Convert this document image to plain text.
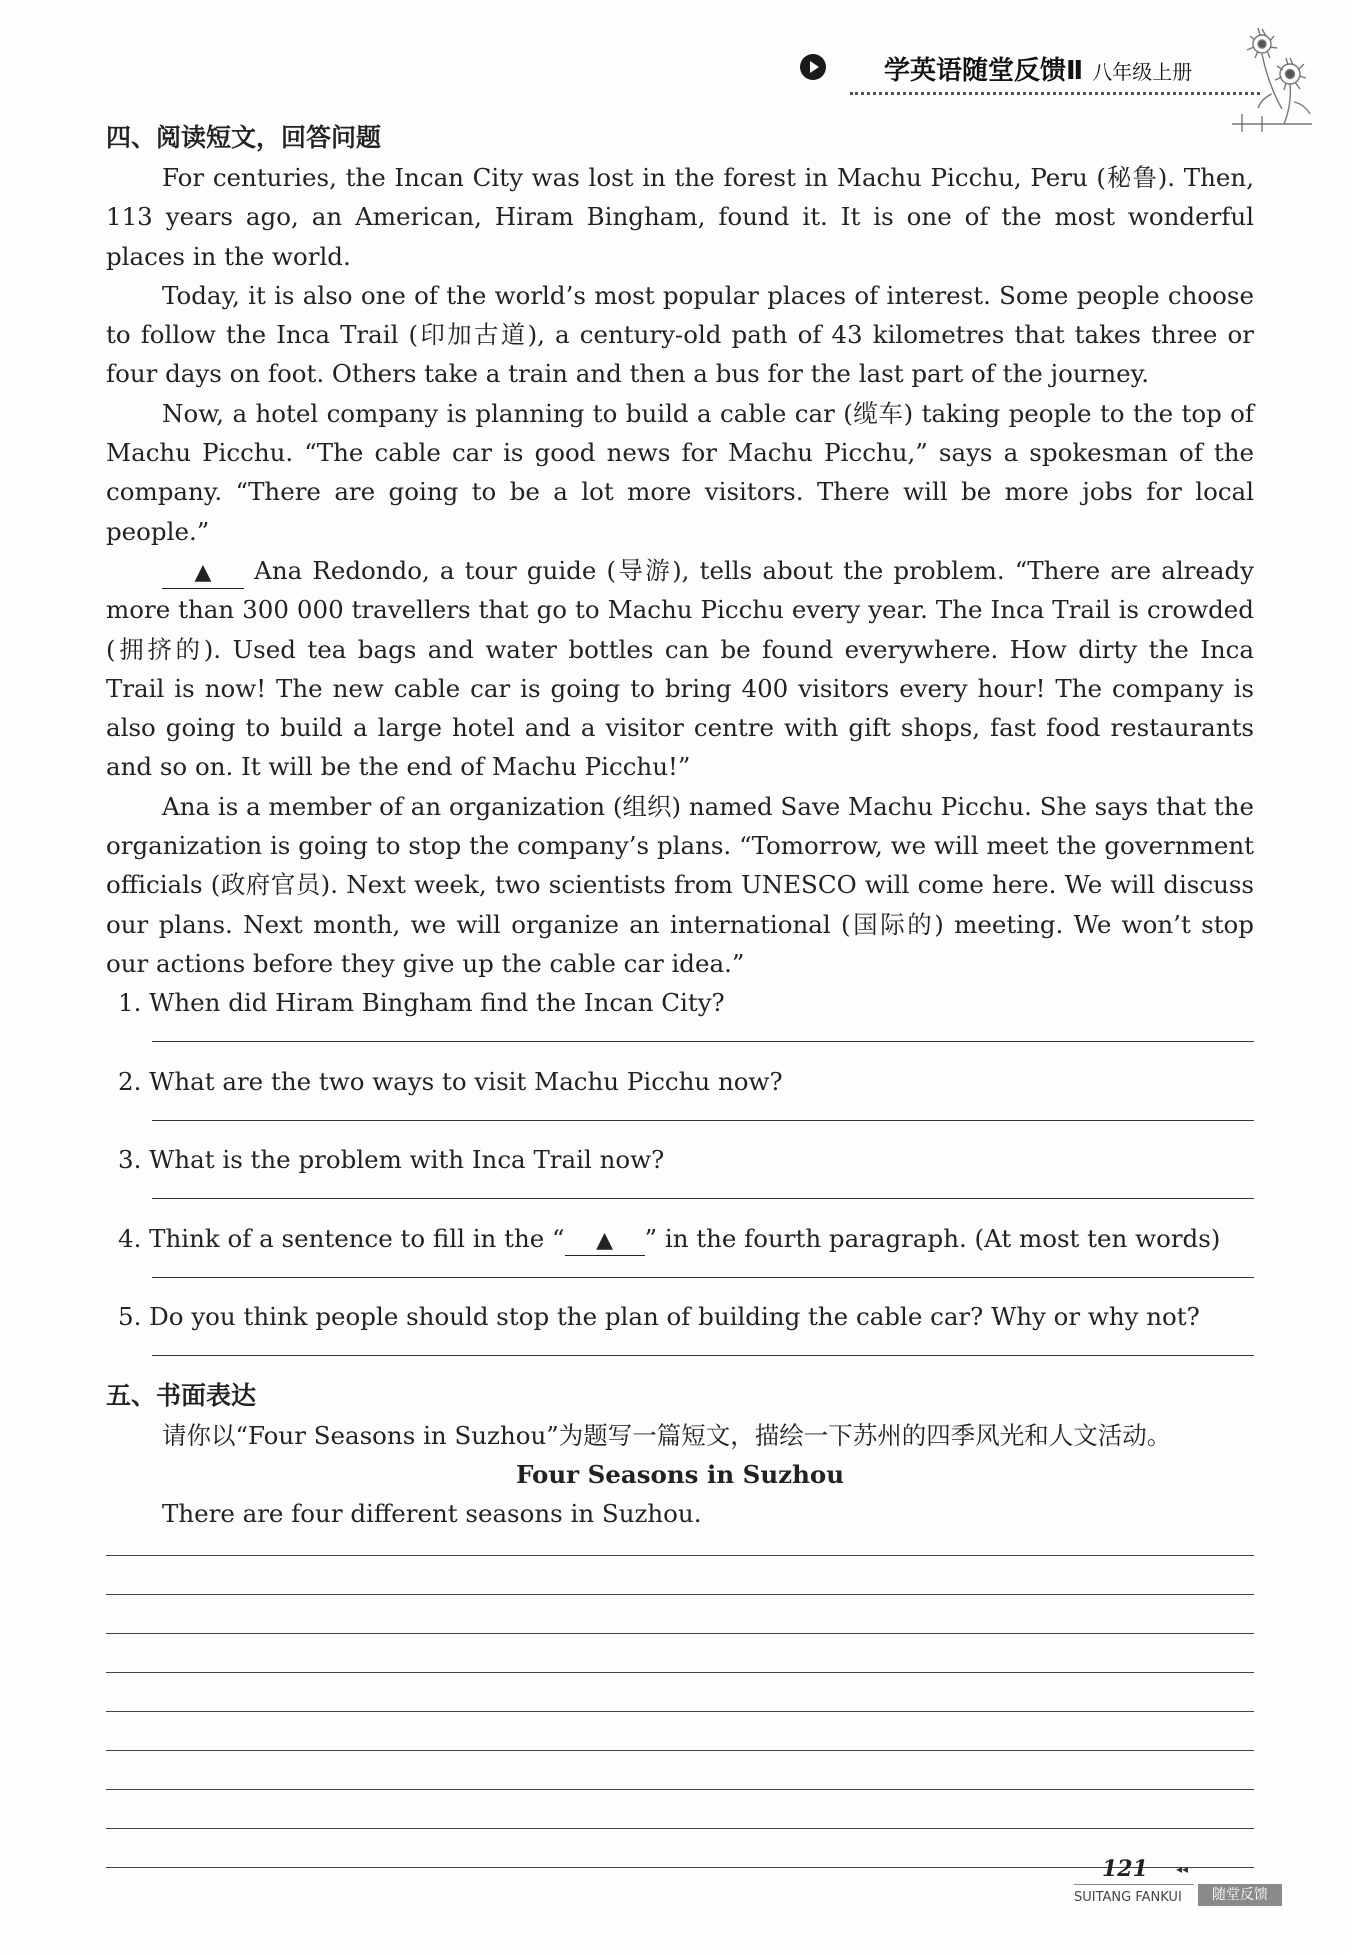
学英语随堂反馈Ⅱ 八年级上册

四、阅读短文，回答问题

For centuries, the Incan City was lost in the forest in Machu Picchu, Peru (秘鲁). Then, 113 years ago, an American, Hiram Bingham, found it. It is one of the most wonderful places in the world.

Today, it is also one of the world’s most popular places of interest. Some people choose to follow the Inca Trail (印加古道), a century-old path of 43 kilometres that takes three or four days on foot. Others take a train and then a bus for the last part of the journey.

Now, a hotel company is planning to build a cable car (缆车) taking people to the top of Machu Picchu. “The cable car is good news for Machu Picchu,” says a spokesman of the company. “There are going to be a lot more visitors. There will be more jobs for local people.”

▲ Ana Redondo, a tour guide (导游), tells about the problem. “There are already more than 300 000 travellers that go to Machu Picchu every year. The Inca Trail is crowded (拥挤的). Used tea bags and water bottles can be found everywhere. How dirty the Inca Trail is now! The new cable car is going to bring 400 visitors every hour! The company is also going to build a large hotel and a visitor centre with gift shops, fast food restaurants and so on. It will be the end of Machu Picchu!”

Ana is a member of an organization (组织) named Save Machu Picchu. She says that the organization is going to stop the company’s plans. “Tomorrow, we will meet the government officials (政府官员). Next week, two scientists from UNESCO will come here. We will discuss our plans. Next month, we will organize an international (国际的) meeting. We won’t stop our actions before they give up the cable car idea.”

1. When did Hiram Bingham find the Incan City?
2. What are the two ways to visit Machu Picchu now?
3. What is the problem with Inca Trail now?
4. Think of a sentence to fill in the “ ▲ ” in the fourth paragraph. (At most ten words)
5. Do you think people should stop the plan of building the cable car? Why or why not?

五、书面表达

请你以“Four Seasons in Suzhou”为题写一篇短文，描绘一下苏州的四季风光和人文活动。

Four Seasons in Suzhou

There are four different seasons in Suzhou.

121 ◂◂
SUITANG FANKUI	随堂反馈
